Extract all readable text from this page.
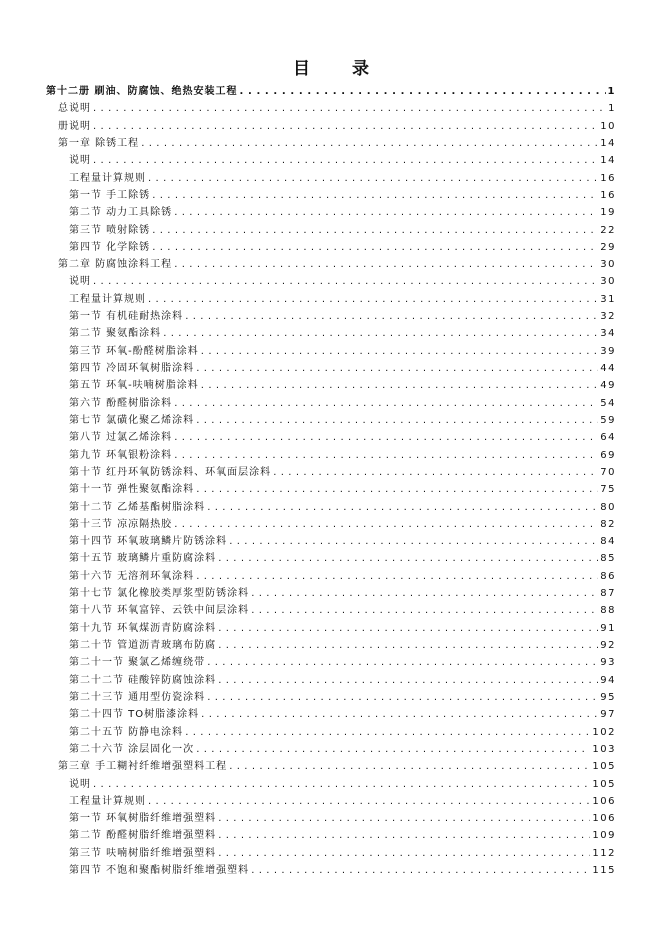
目 录
. . .
第十二册 刷油、防腐蚀、绝热安装工程	1
. . .
总说明	1
. . .
册说明	10
. . .
第一章 除锈工程	14
. . .
说明	14
. . .
工程量计算规则	16
. . .
第一节 手工除锈	16
. . .
第二节 动力工具除锈	19
. . .
第三节 喷射除锈	22
. . .
第四节 化学除锈	29
. . .
第二章 防腐蚀涂料工程	30
. . .
说明	30
. . .
工程量计算规则	31
. . .
第一节 有机硅耐热涂料	32
. . .
第二节 聚氨酯涂料	34
. . .
第三节 环氧-酚醛树脂涂料	39
. . .
第四节 冷固环氧树脂涂料	44
. . .
第五节 环氧-呋喃树脂涂料	49
. . .
第六节 酚醛树脂涂料	54
. . .
第七节 氯磺化聚乙烯涂料	59
. . .
第八节 过氯乙烯涂料	64
. . .
第九节 环氧银粉涂料	69
. . .
第十节 红丹环氧防锈涂料、环氧面层涂料	70
. . .
第十一节 弹性聚氨酯涂料	75
. . .
第十二节 乙烯基酯树脂涂料	80
. . .
第十三节 凉凉隔热胶	82
. . .
第十四节 环氧玻璃鳞片防锈涂料	84
. . .
第十五节 玻璃鳞片重防腐涂料	85
. . .
第十六节 无溶剂环氧涂料	86
. . .
第十七节 氯化橡胶类厚浆型防锈涂料	87
. . .
第十八节 环氧富锌、云铁中间层涂料	88
. . .
第十九节 环氧煤沥青防腐涂料	91
. . .
第二十节 管道沥青玻璃布防腐	92
. . .
第二十一节 聚氯乙烯缠绕带	93
. . .
第二十二节 硅酸锌防腐蚀涂料	94
. . .
第二十三节 通用型仿瓷涂料	95
. . .
第二十四节 TO树脂漆涂料	97
. . .
第二十五节 防静电涂料	102
. . .
第二十六节 涂层固化一次	103
. . .
第三章 手工糊衬纤维增强塑料工程	105
. . .
说明	105
. . .
工程量计算规则	106
. . .
第一节 环氧树脂纤维增强塑料	106
. . .
第二节 酚醛树脂纤维增强塑料	109
. . .
第三节 呋喃树脂纤维增强塑料	112
. . .
第四节 不饱和聚酯树脂纤维增强塑料	115
